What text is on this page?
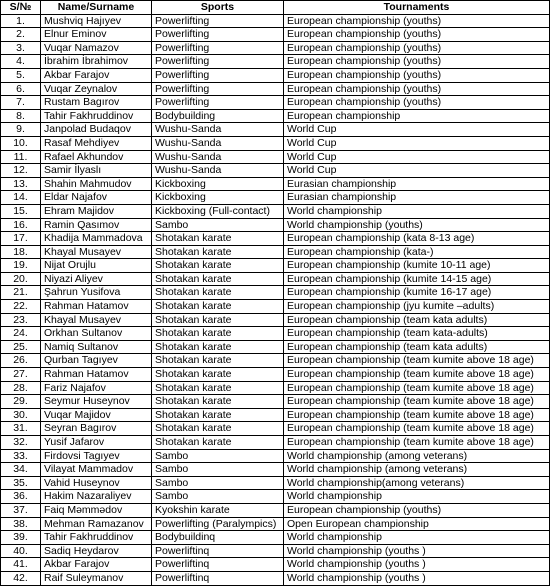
S/№	Name/Surname	Sports	Tournaments
1.	Mushviq Hajıyev	Powerlifting	European championship (youths)
2.	Elnur Eminov	Powerlifting	European championship (youths)
3.	Vuqar Namazov	Powerlifting	European championship (youths)
4.	İbrahim İbrahimov	Powerlifting	European championship (youths)
5.	Akbar Farajov	Powerlifting	European championship (youths)
6.	Vuqar Zeynalov	Powerlifting	European championship (youths)
7.	Rustam Bagırov	Powerlifting	European championship (youths)
8.	Tahir Fakhruddinov	Bodybuilding	European championship
9.	Janpolad Budaqov	Wushu-Sanda	World Cup
10.	Rasaf Mehdiyev	Wushu-Sanda	World Cup
11.	Rafael Akhundov	Wushu-Sanda	World Cup
12.	Samir İlyaslı	Wushu-Sanda	World Cup
13.	Shahin Mahmudov	Kickboxing	Eurasian championship
14.	Eldar Najafov	Kickboxing	Eurasian championship
15.	Ehram Majidov	Kickboxing (Full-contact)	World championship
16.	Ramin Qasımov	Sambo	World championship (youths)
17.	Khadija Mammadova	Shotakan karate	European championship (kata 8-13 age)
18.	Khayal Musayev	Shotakan karate	European championship (kata-)
19.	Nijat Orujlu	Shotakan karate	European championship (kumite 10-11 age)
20.	Niyazi Aliyev	Shotakan karate	European championship (kumite 14-15 age)
21.	Şahrun Yusifova	Shotakan karate	European championship (kumite 16-17 age)
22.	Rahman Hatamov	Shotakan karate	European championship (jyu kumite –adults)
23.	Khayal Musayev	Shotakan karate	European championship (team kata adults)
24.	Orkhan Sultanov	Shotakan karate	European championship (team kata-adults)
25.	Namiq Sultanov	Shotakan karate	European championship (team kata adults)
26.	Qurban Tagıyev	Shotakan karate	European championship (team kumite above 18 age)
27.	Rahman Hatamov	Shotakan karate	European championship (team kumite above 18 age)
28.	Fariz Najafov	Shotakan karate	European championship (team kumite above 18 age)
29.	Seymur Huseynov	Shotakan karate	European championship (team kumite above 18 age)
30.	Vuqar Majidov	Shotakan karate	European championship (team kumite above 18 age)
31.	Seyran Bagırov	Shotakan karate	European championship (team kumite above 18 age)
32.	Yusif Jafarov	Shotakan karate	European championship (team kumite above 18 age)
33.	Firdovsi Tagıyev	Sambo	World championship (among veterans)
34.	Vilayat Mammadov	Sambo	World championship (among veterans)
35.	Vahid Huseynov	Sambo	World championship(among veterans)
36.	Hakim Nazaraliyev	Sambo	World championship
37.	Faiq Məmmədov	Kyokshin karate	European championship (youths)
38.	Mehman Ramazanov	Powerlifting (Paralympics)	Open European championship
39.	Tahir Fakhruddinov	Bodybuildinq	World championship
40.	Sadiq Heydarov	Powerliftinq	World championship (youths )
41.	Akbar Farajov	Powerliftinq	World championship (youths )
42.	Raif Suleymanov	Powerliftinq	World championship (youths )
